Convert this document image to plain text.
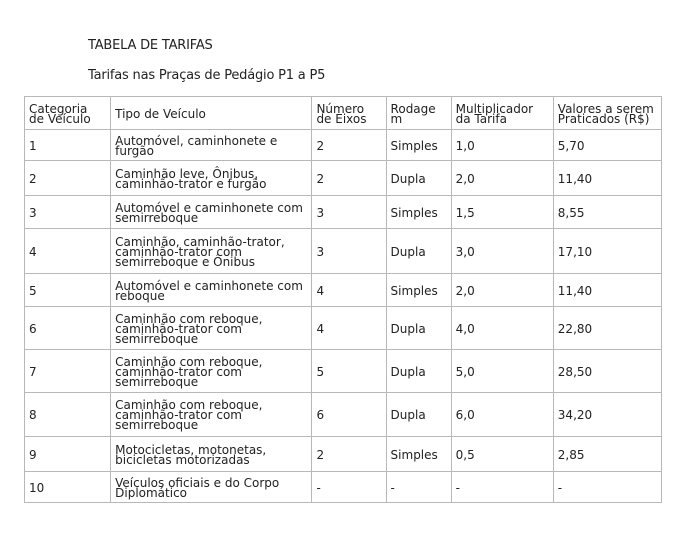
TABELA DE TARIFAS
Tarifas nas Praças de Pedágio P1 a P5
Categoria de Veículo	Tipo de Veículo	Número de Eixos	Rodagem	Multiplicador da Tarifa	Valores a serem Praticados (R$)
1	Automóvel, caminhonete e furgão	2	Simples	1,0	5,70
2	Caminhão leve, Ônibus, caminhão-trator e furgão	2	Dupla	2,0	11,40
3	Automóvel e caminhonete com semirreboque	3	Simples	1,5	8,55
4	Caminhão, caminhão-trator, caminhão-trator com semirreboque e Ônibus	3	Dupla	3,0	17,10
5	Automóvel e caminhonete com reboque	4	Simples	2,0	11,40
6	Caminhão com reboque, caminhão-trator com semirreboque	4	Dupla	4,0	22,80
7	Caminhão com reboque, caminhão-trator com semirreboque	5	Dupla	5,0	28,50
8	Caminhão com reboque, caminhão-trator com semirreboque	6	Dupla	6,0	34,20
9	Motocicletas, motonetas, bicicletas motorizadas	2	Simples	0,5	2,85
10	Veículos oficiais e do Corpo Diplomático	-	-	-	-
